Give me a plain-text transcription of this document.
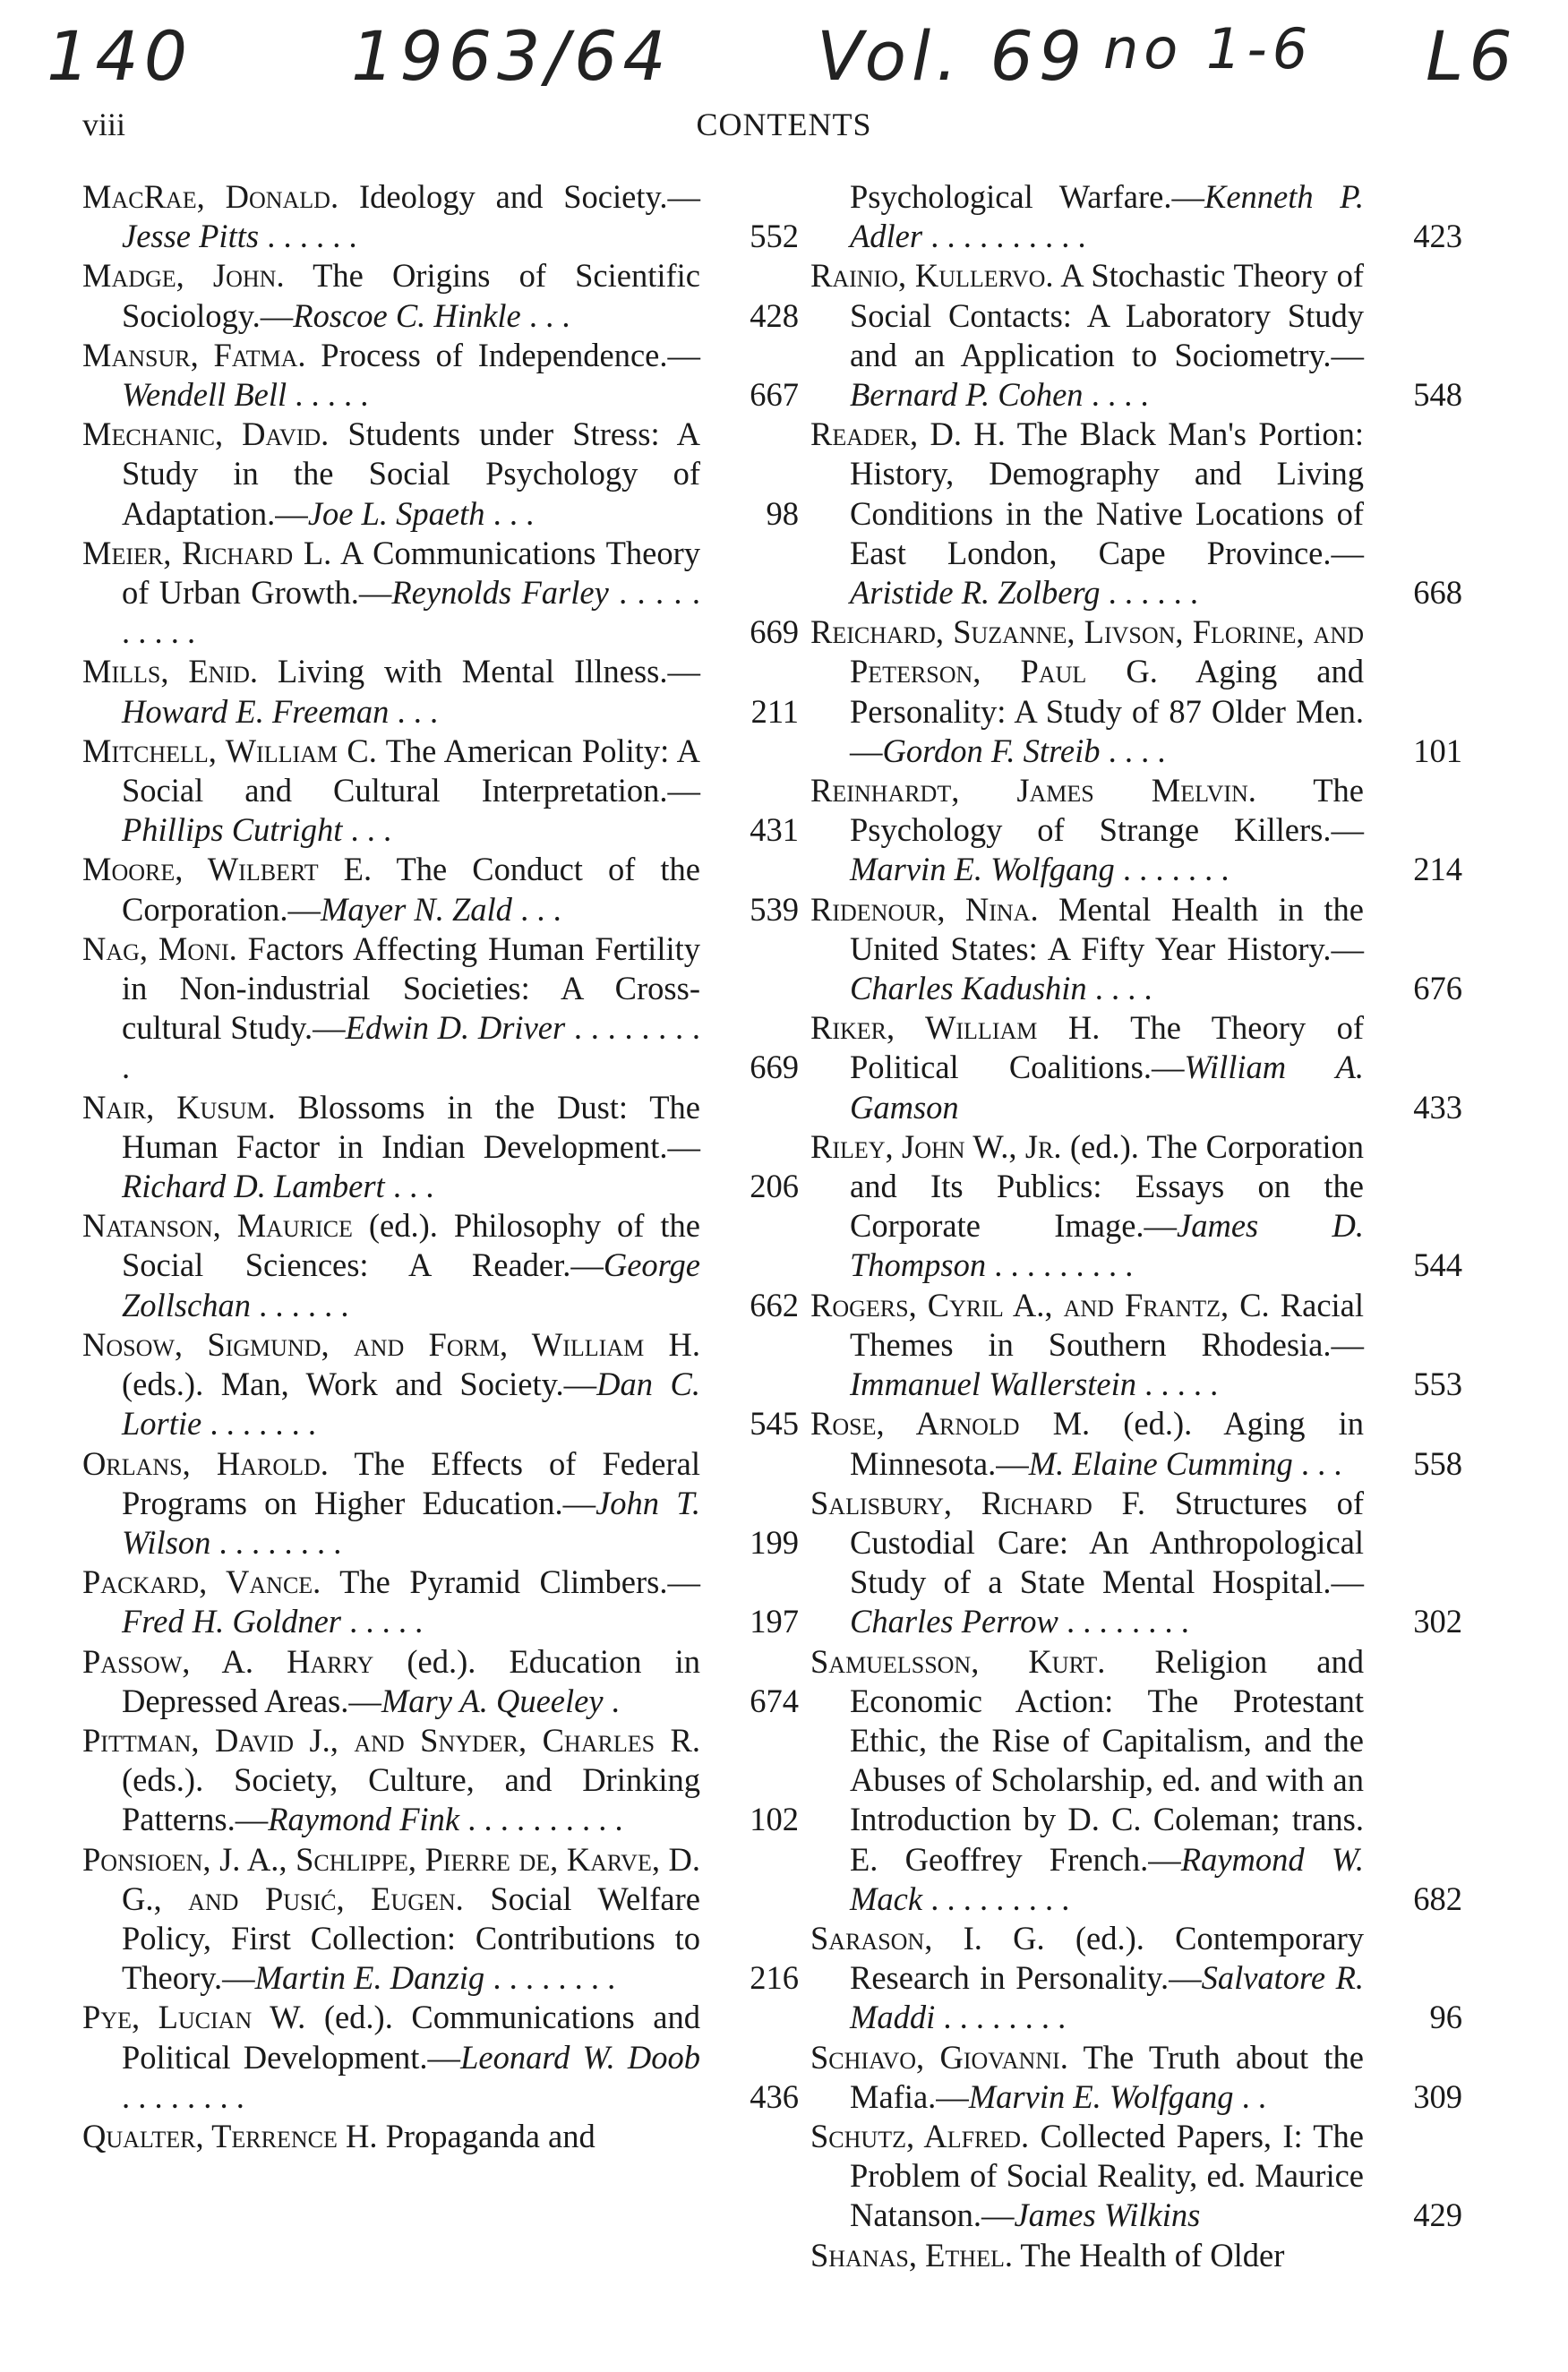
140 1963/64 Vol. 69 no 1-6 L6
viii	CONTENTS

MacRae, Donald. Ideology and Society.—Jesse Pitts . . . . . .	552

Madge, John. The Origins of Scientific Sociology.—Roscoe C. Hinkle . . .	428

Mansur, Fatma. Process of Independence.—Wendell Bell . . . . .	667

Mechanic, David. Students under Stress: A Study in the Social Psychology of Adaptation.—Joe L. Spaeth . . .	98

Meier, Richard L. A Communications Theory of Urban Growth.—Reynolds Farley . . . . . . . . . .	669

Mills, Enid. Living with Mental Illness.—Howard E. Freeman . . .	211

Mitchell, William C. The American Polity: A Social and Cultural Interpretation.—Phillips Cutright . . .	431

Moore, Wilbert E. The Conduct of the Corporation.—Mayer N. Zald . . .	539

Nag, Moni. Factors Affecting Human Fertility in Non-industrial Societies: A Cross-cultural Study.—Edwin D. Driver . . . . . . . . .	669

Nair, Kusum. Blossoms in the Dust: The Human Factor in Indian Development.—Richard D. Lambert . . .	206

Natanson, Maurice (ed.). Philosophy of the Social Sciences: A Reader.—George Zollschan . . . . . .	662

Nosow, Sigmund, and Form, William H. (eds.). Man, Work and Society.—Dan C. Lortie . . . . . . .	545

Orlans, Harold. The Effects of Federal Programs on Higher Education.—John T. Wilson . . . . . . . .	199

Packard, Vance. The Pyramid Climbers.—Fred H. Goldner . . . . .	197

Passow, A. Harry (ed.). Education in Depressed Areas.—Mary A. Queeley .	674

Pittman, David J., and Snyder, Charles R. (eds.). Society, Culture, and Drinking Patterns.—Raymond Fink . . . . . . . . . .	102

Ponsioen, J. A., Schlippe, Pierre de, Karve, D. G., and Pusić, Eugen. Social Welfare Policy, First Collection: Contributions to Theory.—Martin E. Danzig . . . . . . . .	216

Pye, Lucian W. (ed.). Communications and Political Development.—Leonard W. Doob . . . . . . . .	436

Qualter, Terrence H. Propaganda and

Psychological Warfare.—Kenneth P. Adler . . . . . . . . . .	423

Rainio, Kullervo. A Stochastic Theory of Social Contacts: A Laboratory Study and an Application to Sociometry.—Bernard P. Cohen . . . .	548

Reader, D. H. The Black Man's Portion: History, Demography and Living Conditions in the Native Locations of East London, Cape Province.—Aristide R. Zolberg . . . . . .	668

Reichard, Suzanne, Livson, Florine, and Peterson, Paul G. Aging and Personality: A Study of 87 Older Men.—Gordon F. Streib . . . .	101

Reinhardt, James Melvin. The Psychology of Strange Killers.—Marvin E. Wolfgang . . . . . . .	214

Ridenour, Nina. Mental Health in the United States: A Fifty Year History.—Charles Kadushin . . . .	676

Riker, William H. The Theory of Political Coalitions.—William A. Gamson	433

Riley, John W., Jr. (ed.). The Corporation and Its Publics: Essays on the Corporate Image.—James D. Thompson . . . . . . . . .	544

Rogers, Cyril A., and Frantz, C. Racial Themes in Southern Rhodesia.—Immanuel Wallerstein . . . . .	553

Rose, Arnold M. (ed.). Aging in Minnesota.—M. Elaine Cumming . . . 558

Salisbury, Richard F. Structures of Custodial Care: An Anthropological Study of a State Mental Hospital.—Charles Perrow . . . . . . . .	302

Samuelsson, Kurt. Religion and Economic Action: The Protestant Ethic, the Rise of Capitalism, and the Abuses of Scholarship, ed. and with an Introduction by D. C. Coleman; trans. E. Geoffrey French.—Raymond W. Mack . . . . . . . . .	682

Sarason, I. G. (ed.). Contemporary Research in Personality.—Salvatore R. Maddi . . . . . . . .	96

Schiavo, Giovanni. The Truth about the Mafia.—Marvin E. Wolfgang . .	309

Schutz, Alfred. Collected Papers, I: The Problem of Social Reality, ed. Maurice Natanson.—James Wilkins	429

Shanas, Ethel. The Health of Older
